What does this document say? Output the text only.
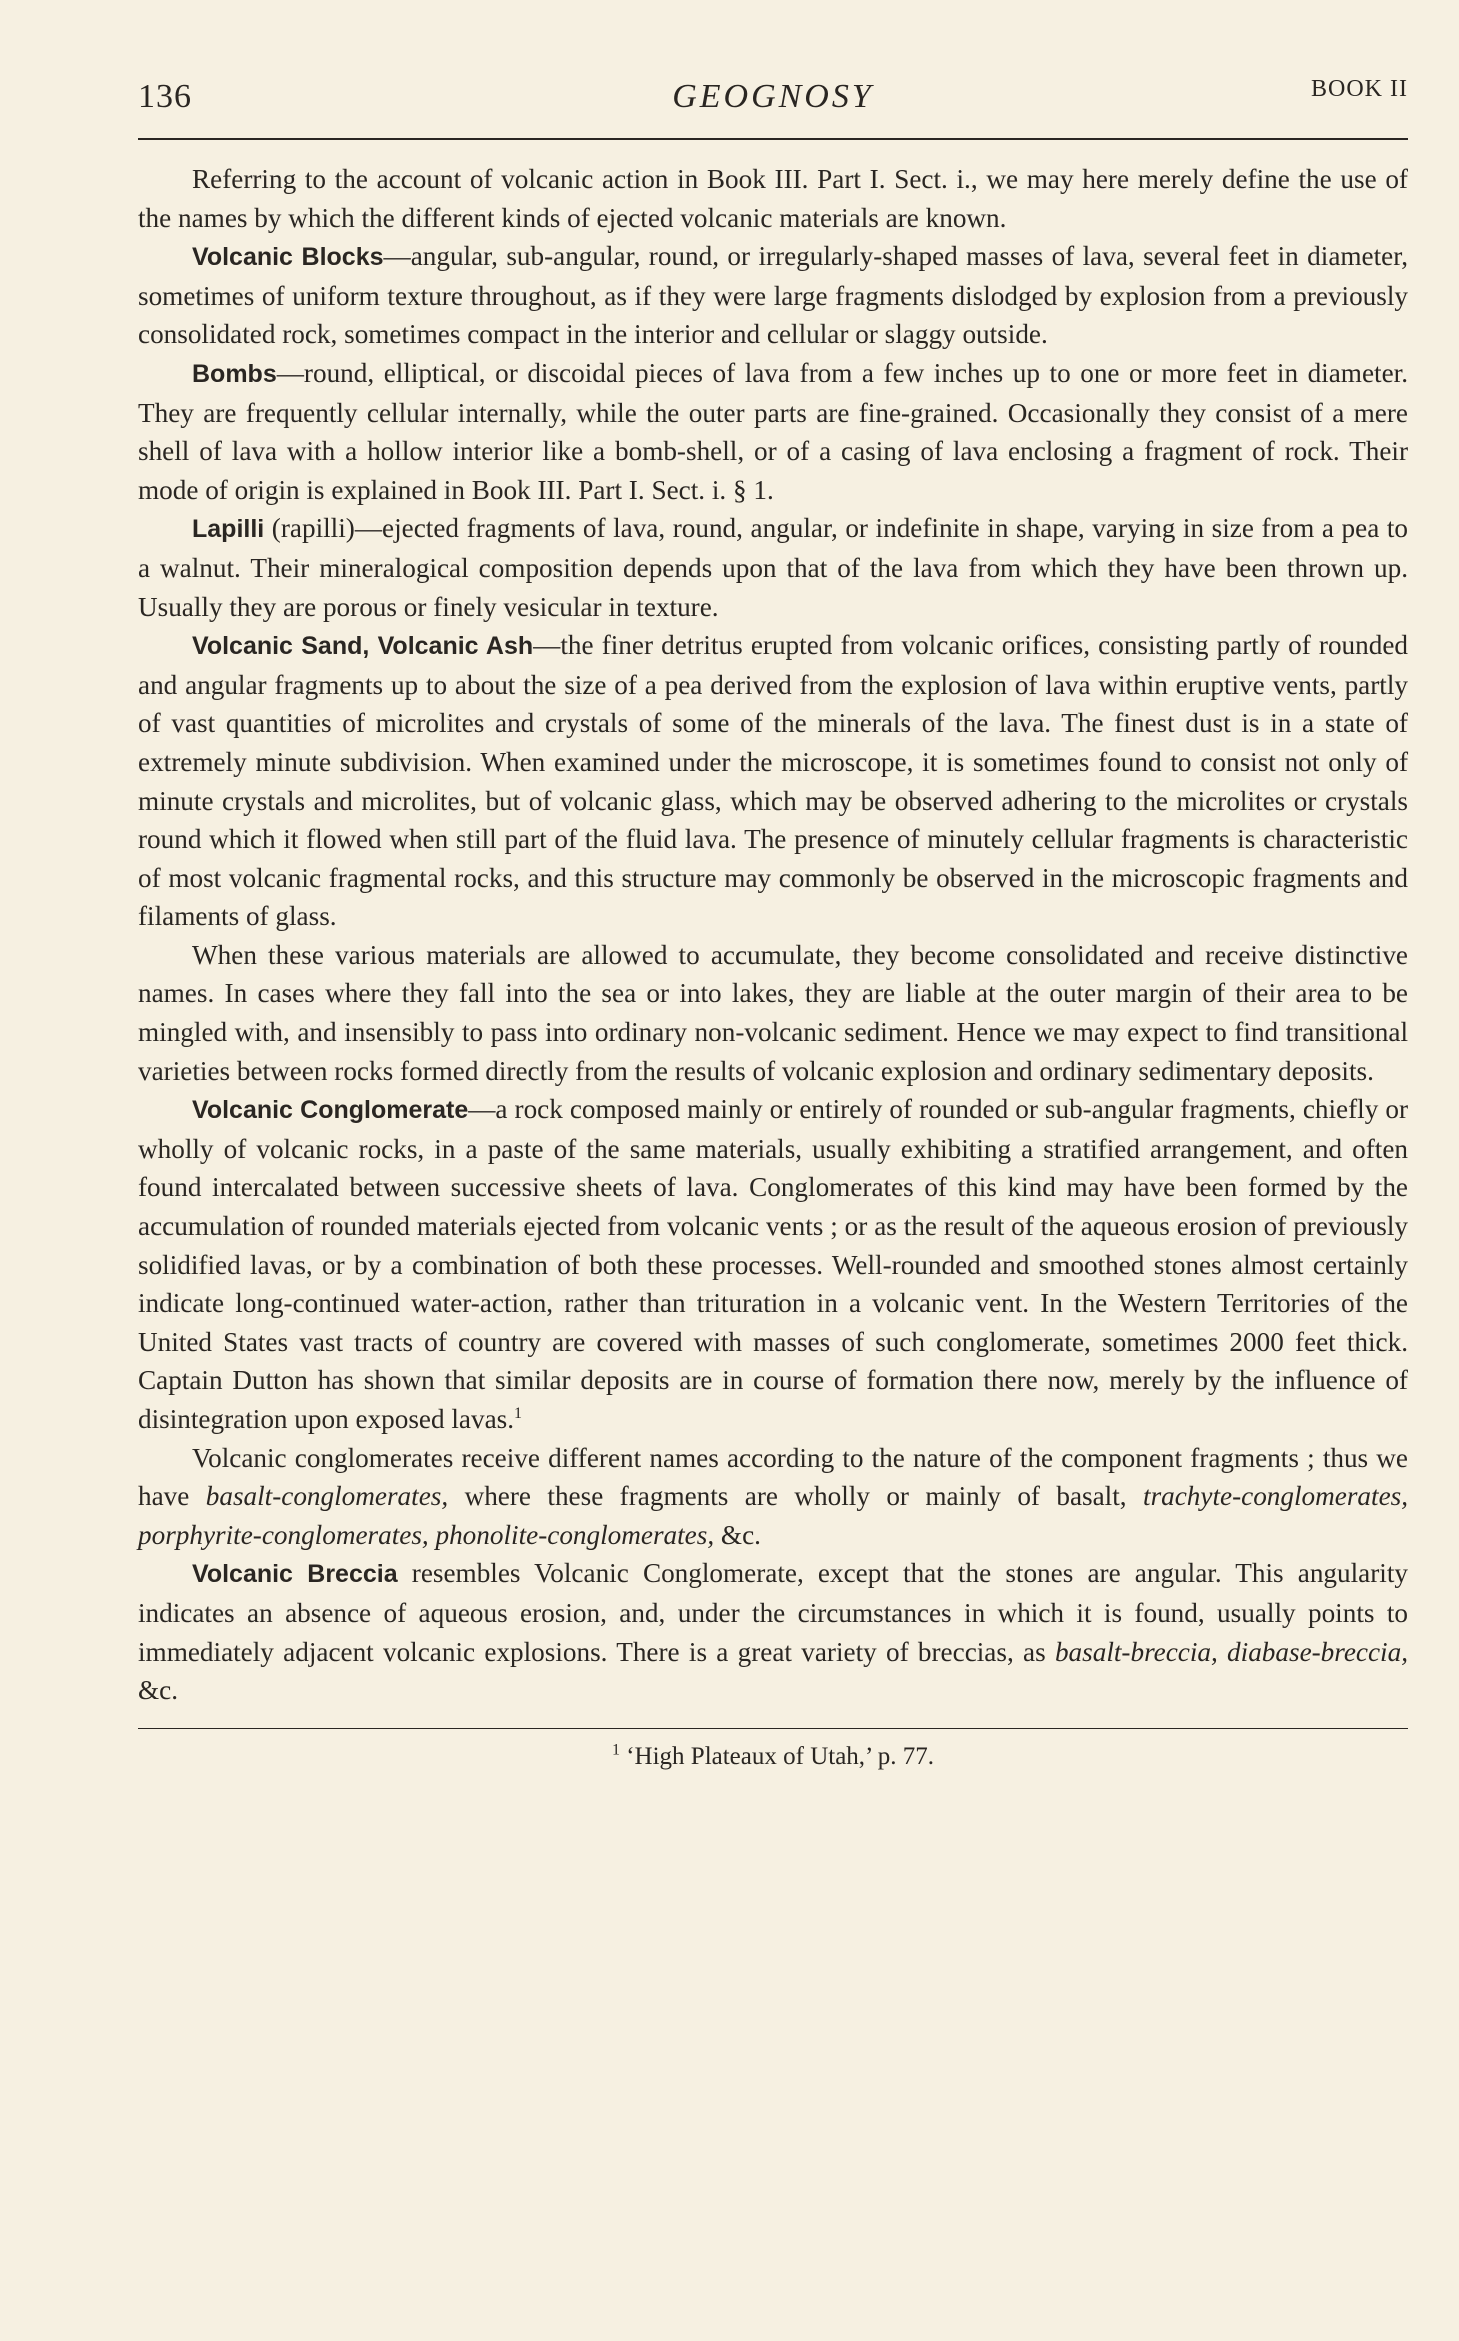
136	GEOGNOSY	BOOK II

Referring to the account of volcanic action in Book III. Part I. Sect. i., we may here merely define the use of the names by which the different kinds of ejected volcanic materials are known.

Volcanic Blocks—angular, sub-angular, round, or irregularly-shaped masses of lava, several feet in diameter, sometimes of uniform texture throughout, as if they were large fragments dislodged by explosion from a previously consolidated rock, sometimes compact in the interior and cellular or slaggy outside.

Bombs—round, elliptical, or discoidal pieces of lava from a few inches up to one or more feet in diameter. They are frequently cellular internally, while the outer parts are fine-grained. Occasionally they consist of a mere shell of lava with a hollow interior like a bomb-shell, or of a casing of lava enclosing a fragment of rock. Their mode of origin is explained in Book III. Part I. Sect. i. § 1.

Lapilli (rapilli)—ejected fragments of lava, round, angular, or indefinite in shape, varying in size from a pea to a walnut. Their mineralogical composition depends upon that of the lava from which they have been thrown up. Usually they are porous or finely vesicular in texture.

Volcanic Sand, Volcanic Ash—the finer detritus erupted from volcanic orifices, consisting partly of rounded and angular fragments up to about the size of a pea derived from the explosion of lava within eruptive vents, partly of vast quantities of microlites and crystals of some of the minerals of the lava. The finest dust is in a state of extremely minute subdivision. When examined under the microscope, it is sometimes found to consist not only of minute crystals and microlites, but of volcanic glass, which may be observed adhering to the microlites or crystals round which it flowed when still part of the fluid lava. The presence of minutely cellular fragments is characteristic of most volcanic fragmental rocks, and this structure may commonly be observed in the microscopic fragments and filaments of glass.

When these various materials are allowed to accumulate, they become consolidated and receive distinctive names. In cases where they fall into the sea or into lakes, they are liable at the outer margin of their area to be mingled with, and insensibly to pass into ordinary non-volcanic sediment. Hence we may expect to find transitional varieties between rocks formed directly from the results of volcanic explosion and ordinary sedimentary deposits.

Volcanic Conglomerate—a rock composed mainly or entirely of rounded or sub-angular fragments, chiefly or wholly of volcanic rocks, in a paste of the same materials, usually exhibiting a stratified arrangement, and often found intercalated between successive sheets of lava. Conglomerates of this kind may have been formed by the accumulation of rounded materials ejected from volcanic vents ; or as the result of the aqueous erosion of previously solidified lavas, or by a combination of both these processes. Well-rounded and smoothed stones almost certainly indicate long-continued water-action, rather than trituration in a volcanic vent. In the Western Territories of the United States vast tracts of country are covered with masses of such conglomerate, sometimes 2000 feet thick. Captain Dutton has shown that similar deposits are in course of formation there now, merely by the influence of disintegration upon exposed lavas.$^1$

Volcanic conglomerates receive different names according to the nature of the component fragments ; thus we have basalt-conglomerates, where these fragments are wholly or mainly of basalt, trachyte-conglomerates, porphyrite-conglomerates, phonolite-conglomerates, &c.

Volcanic Breccia resembles Volcanic Conglomerate, except that the stones are angular. This angularity indicates an absence of aqueous erosion, and, under the circumstances in which it is found, usually points to immediately adjacent volcanic explosions. There is a great variety of breccias, as basalt-breccia, diabase-breccia, &c.

$^1$ ‘High Plateaux of Utah,’ p. 77.
